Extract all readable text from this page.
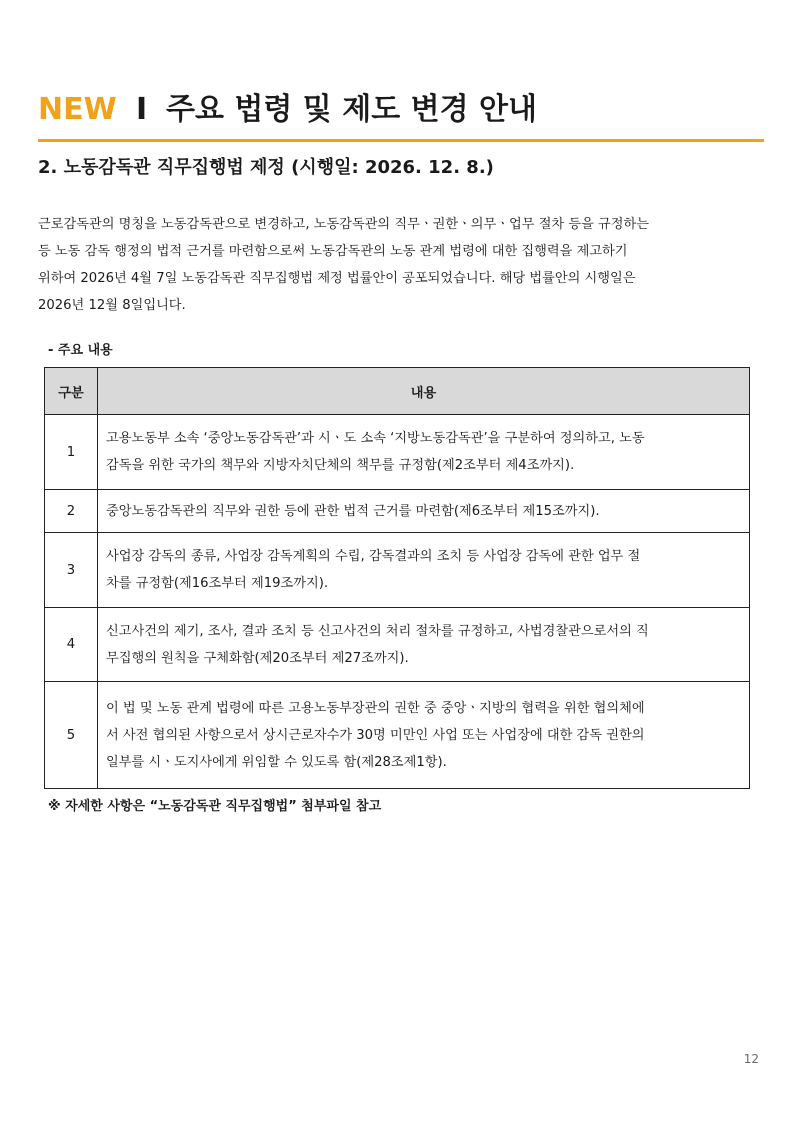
NEW I 주요 법령 및 제도 변경 안내
2. 노동감독관 직무집행법 제정 (시행일: 2026. 12. 8.)

근로감독관의 명칭을 노동감독관으로 변경하고, 노동감독관의 직무ㆍ권한ㆍ의무ㆍ업무 절차 등을 규정하는
등 노동 감독 행정의 법적 근거를 마련함으로써 노동감독관의 노동 관계 법령에 대한 집행력을 제고하기
위하여 2026년 4월 7일 노동감독관 직무집행법 제정 법률안이 공포되었습니다. 해당 법률안의 시행일은
2026년 12월 8일입니다.

- 주요 내용
구분	내용
1	고용노동부 소속 ‘중앙노동감독관’과 시ㆍ도 소속 ‘지방노동감독관’을 구분하여 정의하고, 노동
감독을 위한 국가의 책무와 지방자치단체의 책무를 규정함(제2조부터 제4조까지).

2	중앙노동감독관의 직무와 권한 등에 관한 법적 근거를 마련함(제6조부터 제15조까지).

3	사업장 감독의 종류, 사업장 감독계획의 수립, 감독결과의 조치 등 사업장 감독에 관한 업무 절
차를 규정함(제16조부터 제19조까지).

4	신고사건의 제기, 조사, 결과 조치 등 신고사건의 처리 절차를 규정하고, 사법경찰관으로서의 직
무집행의 원칙을 구체화함(제20조부터 제27조까지).

5	이 법 및 노동 관계 법령에 따른 고용노동부장관의 권한 중 중앙ㆍ지방의 협력을 위한 협의체에
서 사전 협의된 사항으로서 상시근로자수가 30명 미만인 사업 또는 사업장에 대한 감독 권한의
일부를 시ㆍ도지사에게 위임할 수 있도록 함(제28조제1항).
※ 자세한 사항은 “노동감독관 직무집행법” 첨부파일 참고
12
